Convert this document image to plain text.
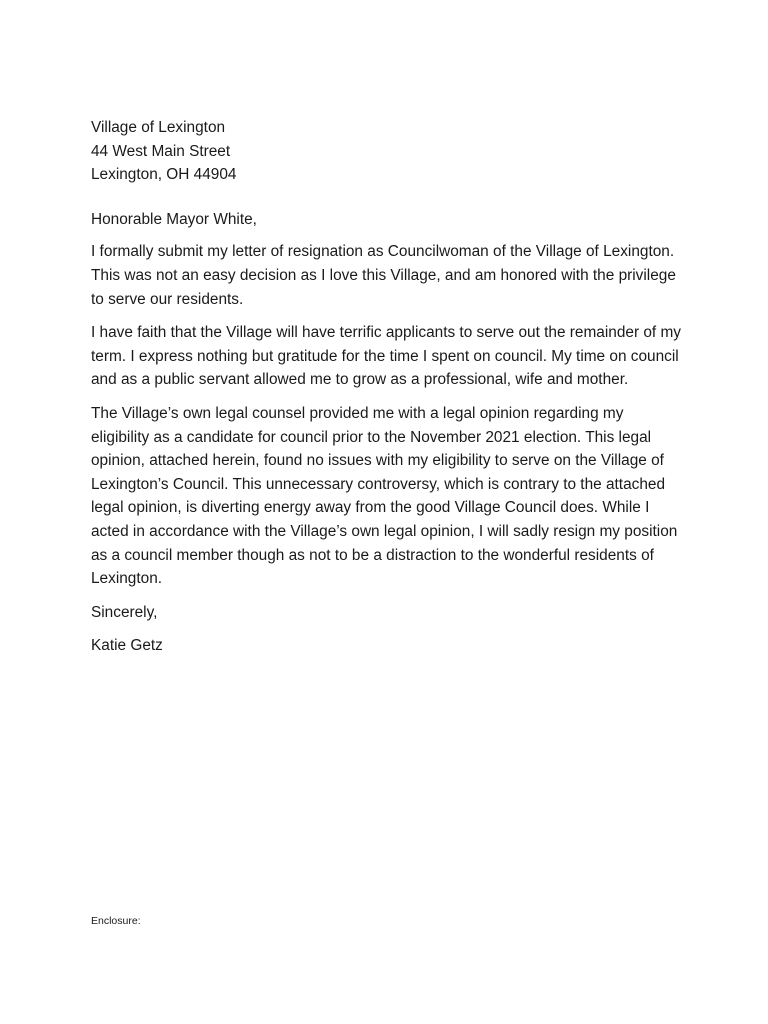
Village of Lexington
44 West Main Street
Lexington, OH 44904

Honorable Mayor White,

I formally submit my letter of resignation as Councilwoman of the Village of Lexington. This was not an easy decision as I love this Village, and am honored with the privilege to serve our residents.

I have faith that the Village will have terrific applicants to serve out the remainder of my term. I express nothing but gratitude for the time I spent on council. My time on council and as a public servant allowed me to grow as a professional, wife and mother.

The Village’s own legal counsel provided me with a legal opinion regarding my eligibility as a candidate for council prior to the November 2021 election. This legal opinion, attached herein, found no issues with my eligibility to serve on the Village of Lexington’s Council. This unnecessary controversy, which is contrary to the attached legal opinion, is diverting energy away from the good Village Council does. While I acted in accordance with the Village’s own legal opinion, I will sadly resign my position as a council member though as not to be a distraction to the wonderful residents of Lexington.

Sincerely,

Katie Getz

Enclosure:
